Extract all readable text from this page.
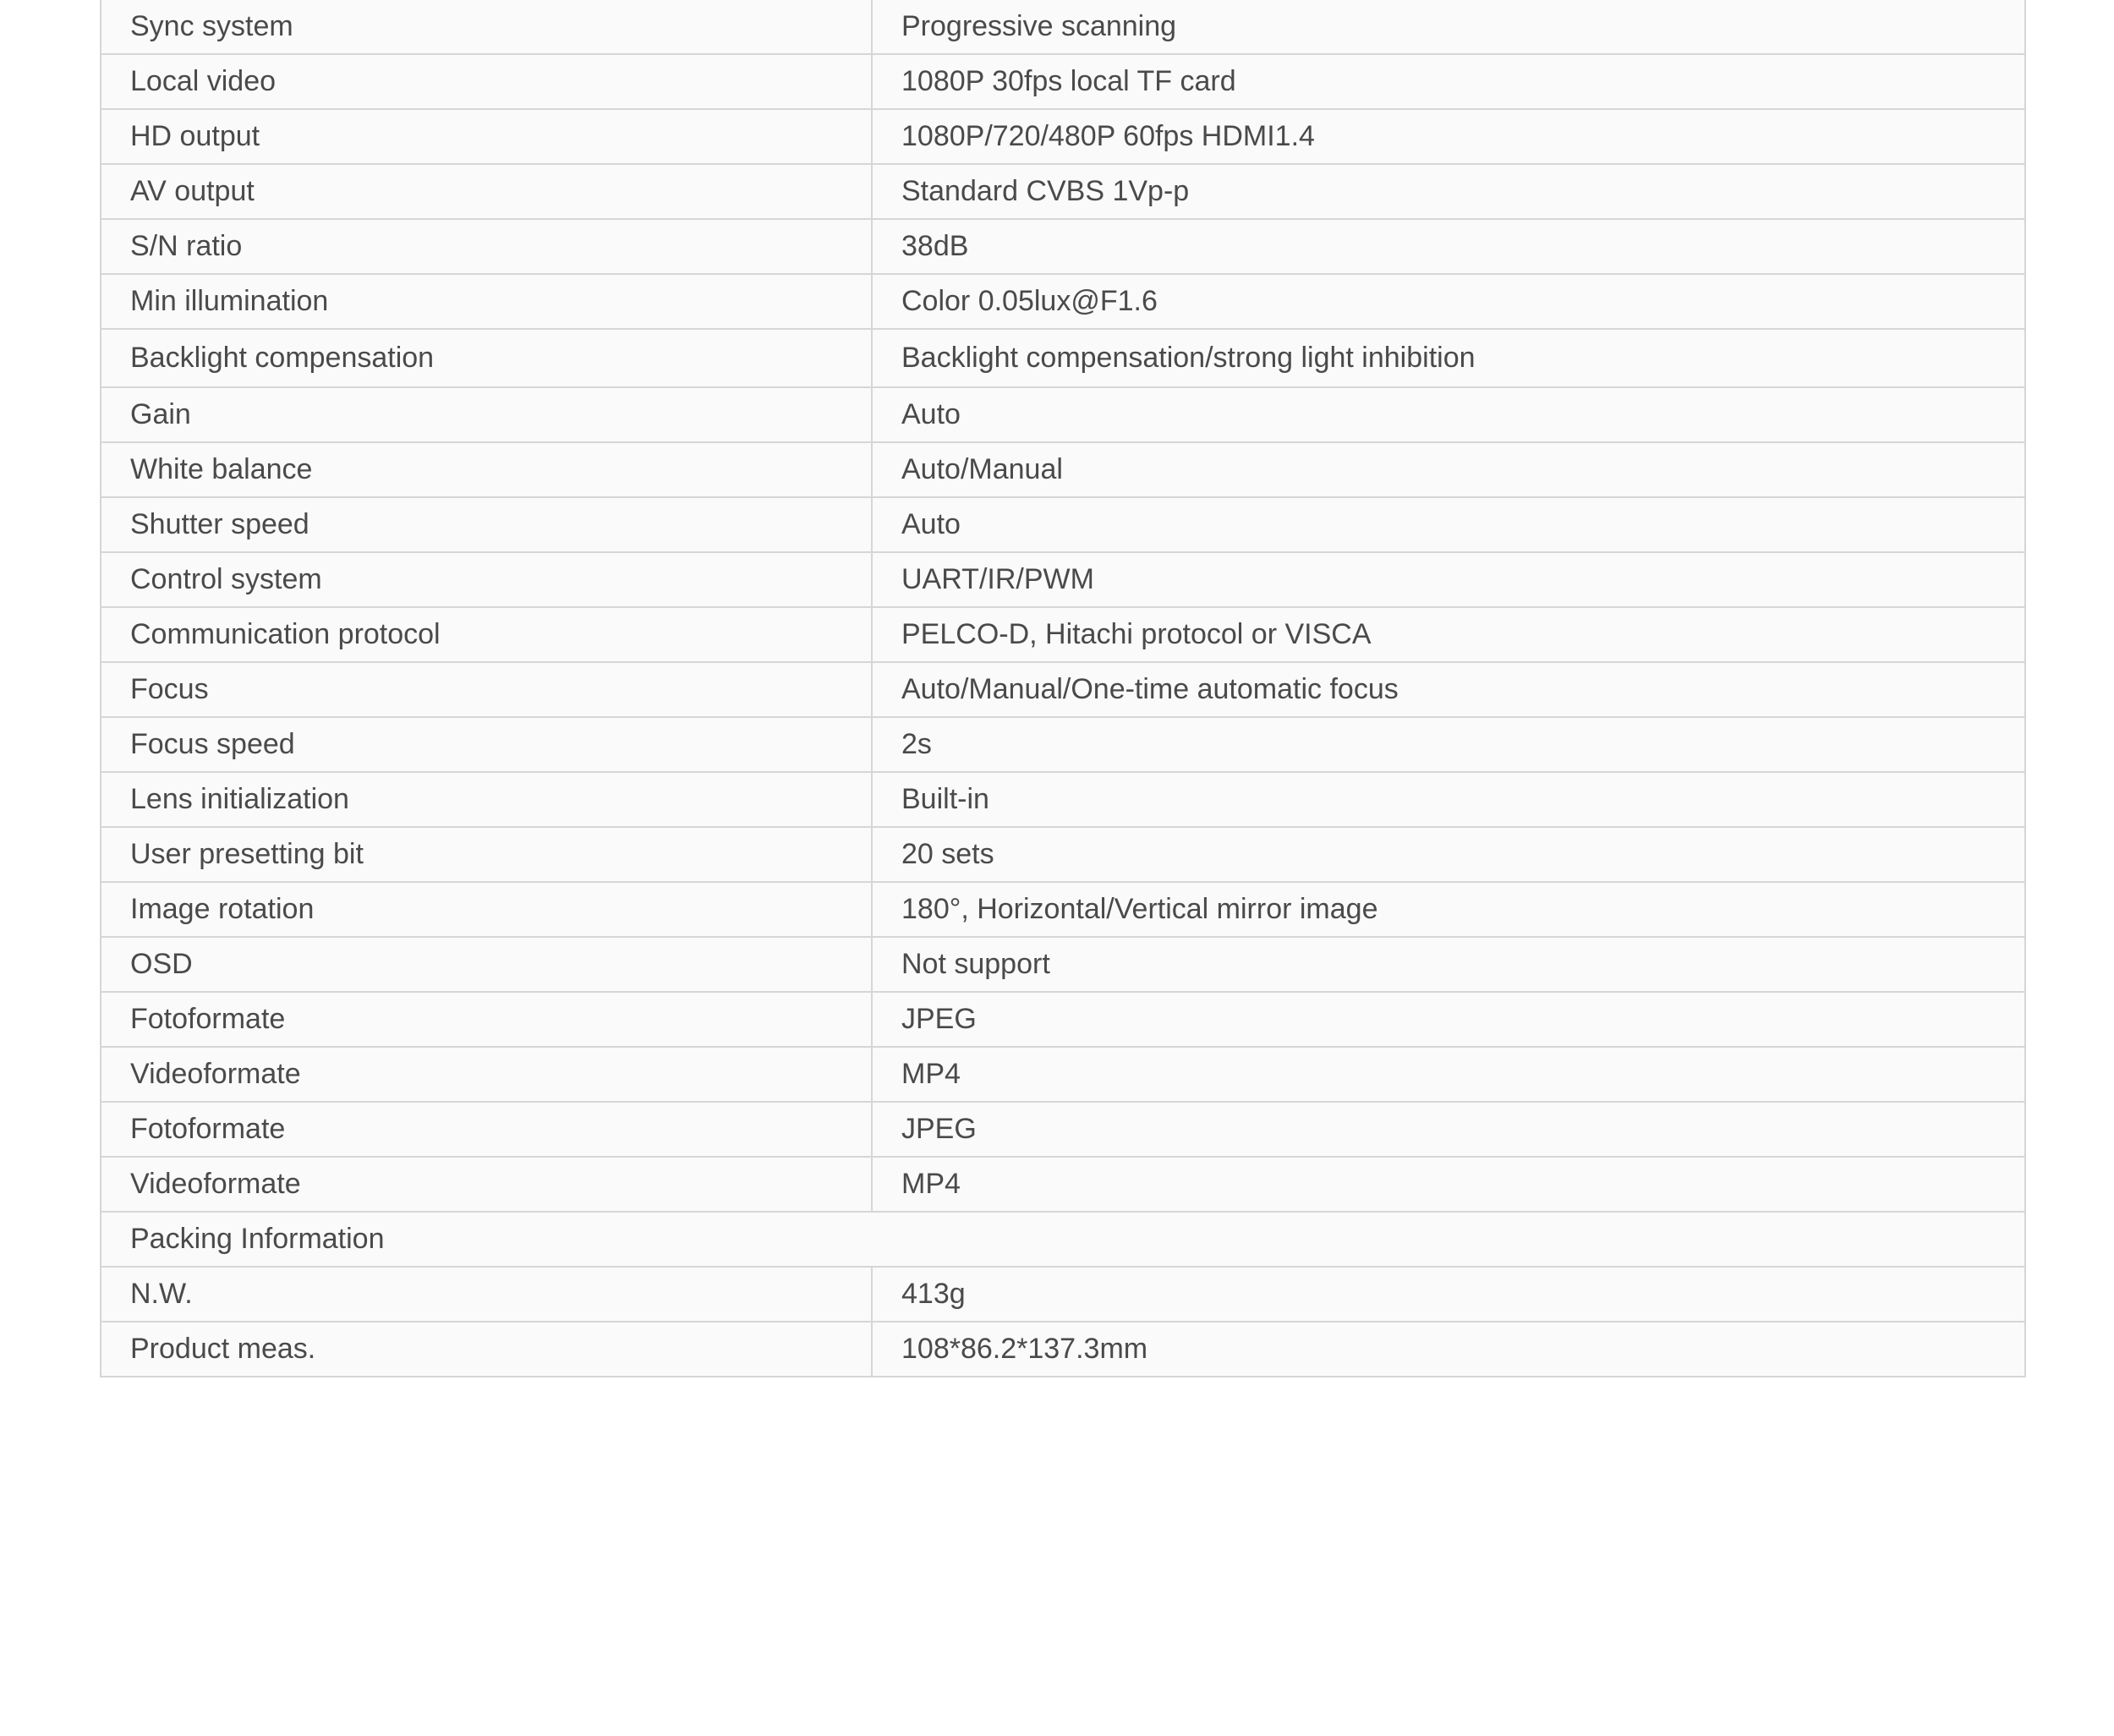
Sync system	Progressive scanning
Local video	1080P 30fps local TF card
HD output	1080P/720/480P 60fps HDMI1.4
AV output	Standard CVBS 1Vp-p
S/N ratio	38dB
Min illumination	Color 0.05lux@F1.6
Backlight compensation	Backlight compensation/strong light inhibition
Gain	Auto
White balance	Auto/Manual
Shutter speed	Auto
Control system	UART/IR/PWM
Communication protocol	PELCO-D, Hitachi protocol or VISCA
Focus	Auto/Manual/One-time automatic focus
Focus speed	2s
Lens initialization	Built-in
User presetting bit	20 sets
Image rotation	180°, Horizontal/Vertical mirror image
OSD	Not support
Fotoformate	JPEG
Videoformate	MP4
Fotoformate	JPEG
Videoformate	MP4
Packing Information	
N.W.	413g
Product meas.	108*86.2*137.3mm
